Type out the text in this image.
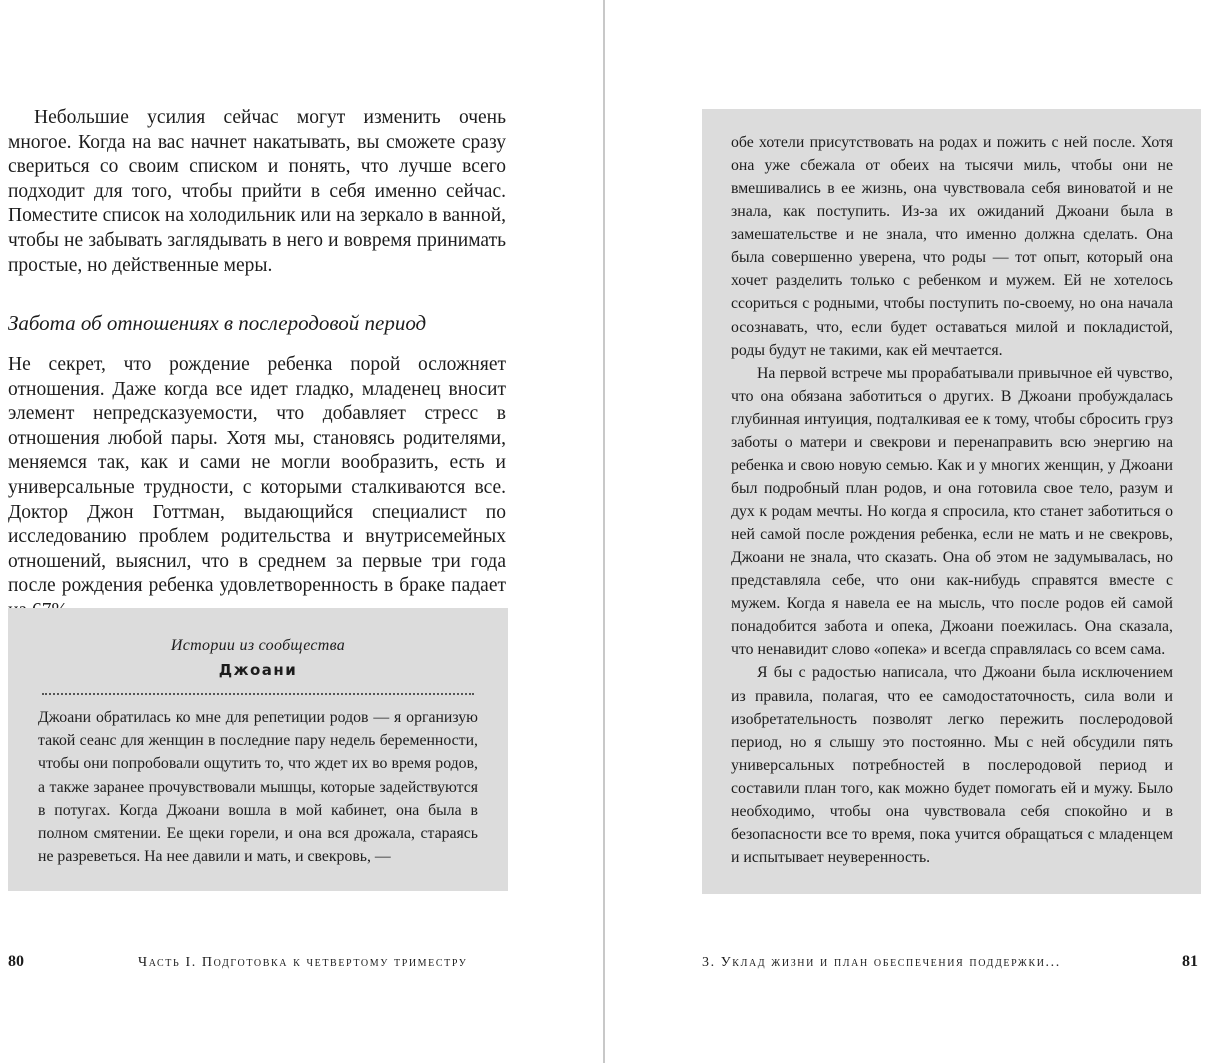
Небольшие усилия сейчас могут изменить очень многое. Когда на вас начнет накатывать, вы сможете сразу свериться со своим списком и понять, что лучше всего подходит для того, чтобы прийти в себя именно сейчас. Поместите список на холодильник или на зеркало в ванной, чтобы не забывать заглядывать в него и вовремя принимать простые, но действенные меры.

Забота об отношениях в послеродовой период

Не секрет, что рождение ребенка порой осложняет отношения. Даже когда все идет гладко, младенец вносит элемент непредсказуемости, что добавляет стресс в отношения любой пары. Хотя мы, становясь родителями, меняемся так, как и сами не могли вообразить, есть и универсальные трудности, с которыми сталкиваются все. Доктор Джон Готтман, выдающийся специалист по исследованию проблем родительства и внутрисемейных отношений, выяснил, что в среднем за первые три года после рождения ребенка удовлетворенность в браке падает

Истории из сообщества
Джоани

Джоани обратилась ко мне для репетиции родов — я организую такой сеанс для женщин в последние пару недель беременности, чтобы они попробовали ощутить то, что ждет их во время родов, а также заранее прочувствовали мышцы, которые задействуются в потугах. Когда Джоани вошла в мой кабинет, она была в полном смятении. Ее щеки горели, и она вся дрожала, стараясь не разреветься. На нее давили и мать, и свекровь, —

80	Часть I. Подготовка к четвертому триместру

обе хотели присутствовать на родах и пожить с ней после. Хотя она уже сбежала от обеих на тысячи миль, чтобы они не вмешивались в ее жизнь, она чувствовала себя виноватой и не знала, как поступить. Из-за их ожиданий Джоани была в замешательстве и не знала, что именно должна сделать. Она была совершенно уверена, что роды — тот опыт, который она хочет разделить только с ребенком и мужем. Ей не хотелось ссориться с родными, чтобы поступить по-своему, но она начала осознавать, что, если будет оставаться милой и покладистой, роды будут не такими, как ей мечтается.

На первой встрече мы прорабатывали привычное ей чувство, что она обязана заботиться о других. В Джоани пробуждалась глубинная интуиция, подталкивая ее к тому, чтобы сбросить груз заботы о матери и свекрови и перенаправить всю энергию на ребенка и свою новую семью. Как и у многих женщин, у Джоани был подробный план родов, и она готовила свое тело, разум и дух к родам мечты. Но когда я спросила, кто станет заботиться о ней самой после рождения ребенка, если не мать и не свекровь, Джоани не знала, что сказать. Она об этом не задумывалась, но представляла себе, что они как-нибудь справятся вместе с мужем. Когда я навела ее на мысль, что после родов ей самой понадобится забота и опека, Джоани поежилась. Она сказала, что ненавидит слово «опека» и всегда справлялась со всем сама.

Я бы с радостью написала, что Джоани была исключением из правила, полагая, что ее самодостаточность, сила воли и изобретательность позволят легко пережить послеродовой период, но я слышу это постоянно. Мы с ней обсудили пять универсальных потребностей в послеродовой период и составили план того, как можно будет помогать ей и мужу. Было необходимо, чтобы она чувствовала себя спокойно и в безопасности все то время, пока учится обращаться с младенцем и испытывает неуверенность.

3. Уклад жизни и план обеспечения поддержки...	81
